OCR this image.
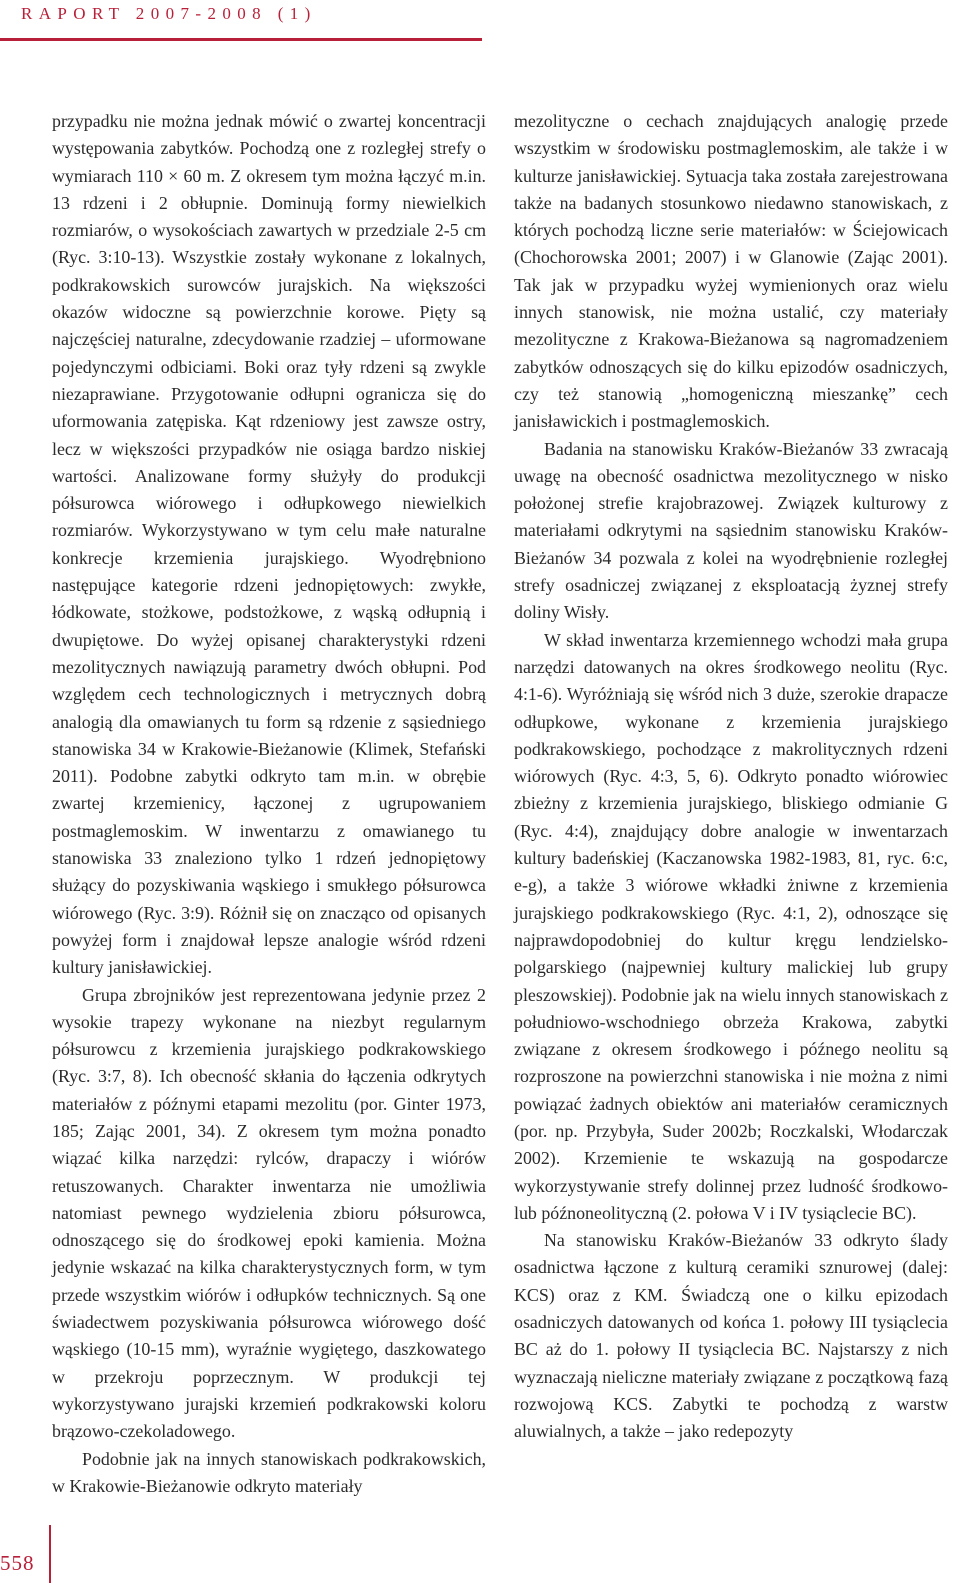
RAPORT 2007-2008 (1)

przypadku nie można jednak mówić o zwartej koncentracji występowania zabytków. Pochodzą one z rozległej strefy o wymiarach 110 × 60 m. Z okresem tym można łączyć m.in. 13 rdzeni i 2 obłupnie. Dominują formy niewielkich rozmiarów, o wysokościach zawartych w przedziale 2-5 cm (Ryc. 3:10-13). Wszystkie zostały wykonane z lokalnych, podkrakowskich surowców jurajskich. Na większości okazów widoczne są powierzchnie korowe. Pięty są najczęściej naturalne, zdecydowanie rzadziej – uformowane pojedynczymi odbiciami. Boki oraz tyły rdzeni są zwykle niezaprawiane. Przygotowanie odłupni ogranicza się do uformowania zatępiska. Kąt rdzeniowy jest zawsze ostry, lecz w większości przypadków nie osiąga bardzo niskiej wartości. Analizowane formy służyły do produkcji półsurowca wiórowego i odłupkowego niewielkich rozmiarów. Wykorzystywano w tym celu małe naturalne konkrecje krzemienia jurajskiego. Wyodrębniono następujące kategorie rdzeni jednopiętowych: zwykłe, łódkowate, stożkowe, podstożkowe, z wąską odłupnią i dwupiętowe. Do wyżej opisanej charakterystyki rdzeni mezolitycznych nawiązują parametry dwóch obłupni. Pod względem cech technologicznych i metrycznych dobrą analogią dla omawianych tu form są rdzenie z sąsiedniego stanowiska 34 w Krakowie-Bieżanowie (Klimek, Stefański 2011). Podobne zabytki odkryto tam m.in. w obrębie zwartej krzemienicy, łączonej z ugrupowaniem postmaglemoskim. W inwentarzu z omawianego tu stanowiska 33 znaleziono tylko 1 rdzeń jednopiętowy służący do pozyskiwania wąskiego i smukłego półsurowca wiórowego (Ryc. 3:9). Różnił się on znacząco od opisanych powyżej form i znajdował lepsze analogie wśród rdzeni kultury janisławickiej.

Grupa zbrojników jest reprezentowana jedynie przez 2 wysokie trapezy wykonane na niezbyt regularnym półsurowcu z krzemienia jurajskiego podkrakowskiego (Ryc. 3:7, 8). Ich obecność skłania do łączenia odkrytych materiałów z późnymi etapami mezolitu (por. Ginter 1973, 185; Zając 2001, 34). Z okresem tym można ponadto wiązać kilka narzędzi: rylców, drapaczy i wiórów retuszowanych. Charakter inwentarza nie umożliwia natomiast pewnego wydzielenia zbioru półsurowca, odnoszącego się do środkowej epoki kamienia. Można jedynie wskazać na kilka charakterystycznych form, w tym przede wszystkim wiórów i odłupków technicznych. Są one świadectwem pozyskiwania półsurowca wiórowego dość wąskiego (10-15 mm), wyraźnie wygiętego, daszkowatego w przekroju poprzecznym. W produkcji tej wykorzystywano jurajski krzemień podkrakowski koloru brązowo-czekoladowego.

Podobnie jak na innych stanowiskach podkrakowskich, w Krakowie-Bieżanowie odkryto materiały

mezolityczne o cechach znajdujących analogię przede wszystkim w środowisku postmaglemoskim, ale także i w kulturze janisławickiej. Sytuacja taka została zarejestrowana także na badanych stosunkowo niedawno stanowiskach, z których pochodzą liczne serie materiałów: w Ściejowicach (Chochorowska 2001; 2007) i w Glanowie (Zając 2001). Tak jak w przypadku wyżej wymienionych oraz wielu innych stanowisk, nie można ustalić, czy materiały mezolityczne z Krakowa-Bieżanowa są nagromadzeniem zabytków odnoszących się do kilku epizodów osadniczych, czy też stanowią „homogeniczną mieszankę” cech janisławickich i postmaglemoskich.

Badania na stanowisku Kraków-Bieżanów 33 zwracają uwagę na obecność osadnictwa mezolitycznego w nisko położonej strefie krajobrazowej. Związek kulturowy z materiałami odkrytymi na sąsiednim stanowisku Kraków-Bieżanów 34 pozwala z kolei na wyodrębnienie rozległej strefy osadniczej związanej z eksploatacją żyznej strefy doliny Wisły.

W skład inwentarza krzemiennego wchodzi mała grupa narzędzi datowanych na okres środkowego neolitu (Ryc. 4:1-6). Wyróżniają się wśród nich 3 duże, szerokie drapacze odłupkowe, wykonane z krzemienia jurajskiego podkrakowskiego, pochodzące z makrolitycznych rdzeni wiórowych (Ryc. 4:3, 5, 6). Odkryto ponadto wiórowiec zbieżny z krzemienia jurajskiego, bliskiego odmianie G (Ryc. 4:4), znajdujący dobre analogie w inwentarzach kultury badeńskiej (Kaczanowska 1982-1983, 81, ryc. 6:c, e-g), a także 3 wiórowe wkładki żniwne z krzemienia jurajskiego podkrakowskiego (Ryc. 4:1, 2), odnoszące się najprawdopodobniej do kultur kręgu lendzielsko-polgarskiego (najpewniej kultury malickiej lub grupy pleszowskiej). Podobnie jak na wielu innych stanowiskach z południowo-wschodniego obrzeża Krakowa, zabytki związane z okresem środkowego i późnego neolitu są rozproszone na powierzchni stanowiska i nie można z nimi powiązać żadnych obiektów ani materiałów ceramicznych (por. np. Przybyła, Suder 2002b; Roczkalski, Włodarczak 2002). Krzemienie te wskazują na gospodarcze wykorzystywanie strefy dolinnej przez ludność środkowo- lub późnoneolityczną (2. połowa V i IV tysiąclecie BC).

Na stanowisku Kraków-Bieżanów 33 odkryto ślady osadnictwa łączone z kulturą ceramiki sznurowej (dalej: KCS) oraz z KM. Świadczą one o kilku epizodach osadniczych datowanych od końca 1. połowy III tysiąclecia BC aż do 1. połowy II tysiąclecia BC. Najstarszy z nich wyznaczają nieliczne materiały związane z początkową fazą rozwojową KCS. Zabytki te pochodzą z warstw aluwialnych, a także – jako redepozyty

558
